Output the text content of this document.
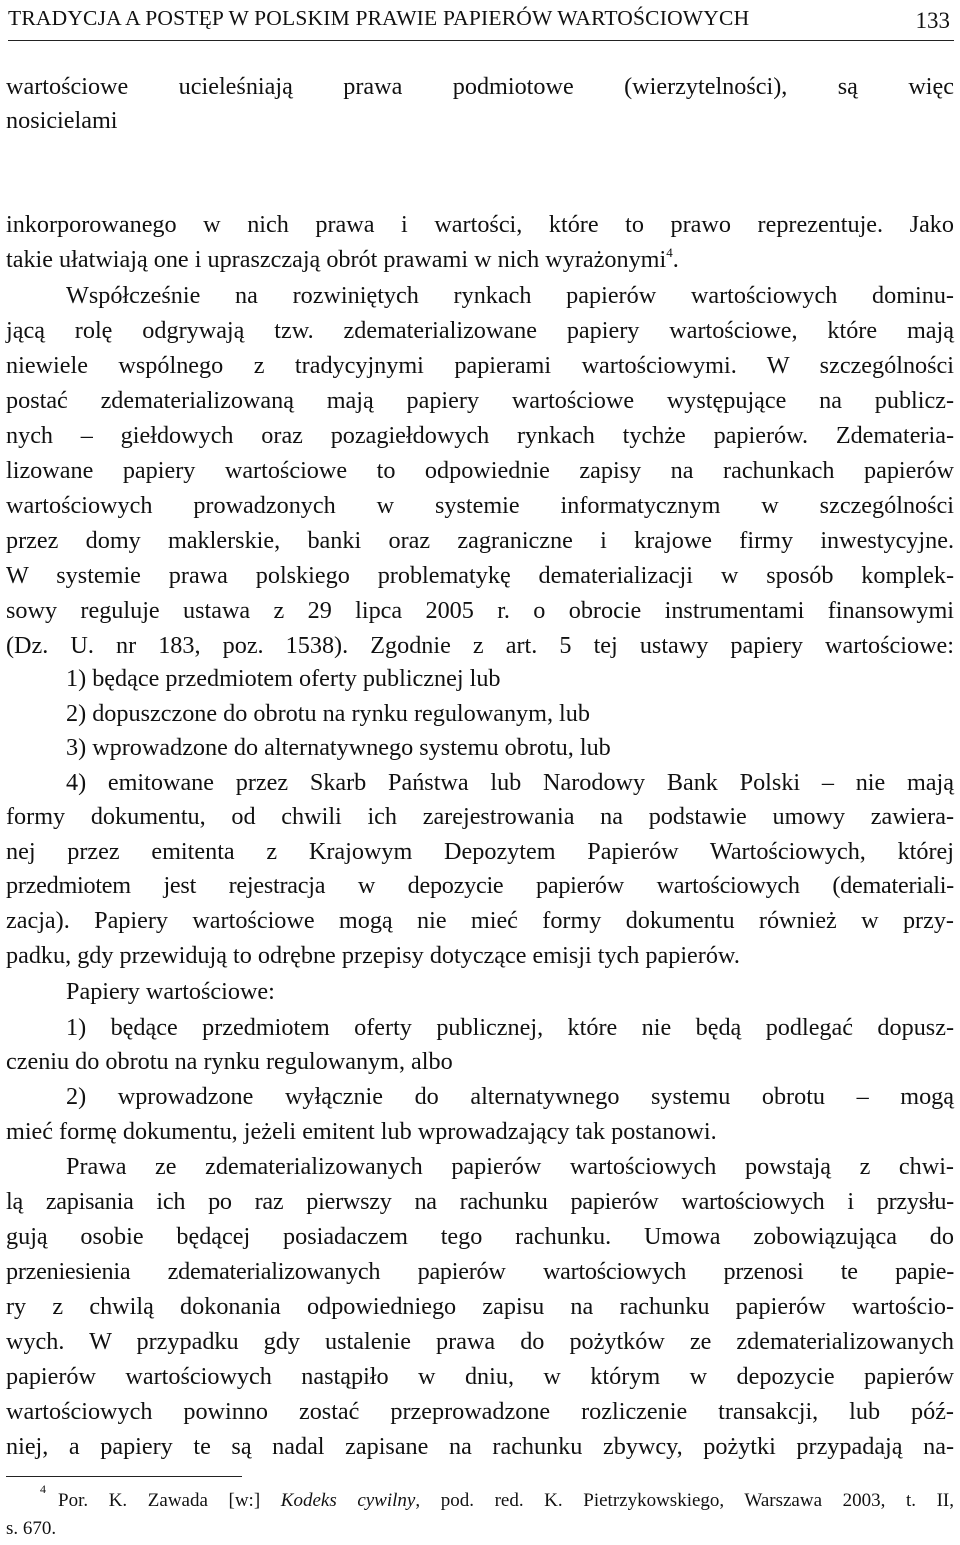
TRADYCJA A POSTĘP W POLSKIM PRAWIE PAPIERÓW WARTOŚCIOWYCH	133
wartościowe ucieleśniają prawa podmiotowe (wierzytelności), są więc
nosicielami
inkorporowanego w nich prawa i wartości, które to prawo reprezentuje. Jako
takie ułatwiają one i upraszczają obrót prawami w nich wyrażonymi$^4$.
Współcześnie na rozwiniętych rynkach papierów wartościowych dominu-
jącą rolę odgrywają tzw. zdematerializowane papiery wartościowe, które mają
niewiele wspólnego z tradycyjnymi papierami wartościowymi. W szczególności
postać zdematerializowaną mają papiery wartościowe występujące na publicz-
nych – giełdowych oraz pozagiełdowych rynkach tychże papierów. Zdemateria-
lizowane papiery wartościowe to odpowiednie zapisy na rachunkach papierów
wartościowych prowadzonych w systemie informatycznym w szczególności
przez domy maklerskie, banki oraz zagraniczne i krajowe firmy inwestycyjne.
W systemie prawa polskiego problematykę dematerializacji w sposób komplek-
sowy reguluje ustawa z 29 lipca 2005 r. o obrocie instrumentami finansowymi
(Dz. U. nr 183, poz. 1538). Zgodnie z art. 5 tej ustawy papiery wartościowe:
1) będące przedmiotem oferty publicznej lub
2) dopuszczone do obrotu na rynku regulowanym, lub
3) wprowadzone do alternatywnego systemu obrotu, lub
4) emitowane przez Skarb Państwa lub Narodowy Bank Polski – nie mają
formy dokumentu, od chwili ich zarejestrowania na podstawie umowy zawiera-
nej przez emitenta z Krajowym Depozytem Papierów Wartościowych, której
przedmiotem jest rejestracja w depozycie papierów wartościowych (demateriali-
zacja). Papiery wartościowe mogą nie mieć formy dokumentu również w przy-
padku, gdy przewidują to odrębne przepisy dotyczące emisji tych papierów.
Papiery wartościowe:
1) będące przedmiotem oferty publicznej, które nie będą podlegać dopusz-
czeniu do obrotu na rynku regulowanym, albo
2) wprowadzone wyłącznie do alternatywnego systemu obrotu – mogą
mieć formę dokumentu, jeżeli emitent lub wprowadzający tak postanowi.
Prawa ze zdematerializowanych papierów wartościowych powstają z chwi-
lą zapisania ich po raz pierwszy na rachunku papierów wartościowych i przysłu-
gują osobie będącej posiadaczem tego rachunku. Umowa zobowiązująca do
przeniesienia zdematerializowanych papierów wartościowych przenosi te papie-
ry z chwilą dokonania odpowiedniego zapisu na rachunku papierów wartościo-
wych. W przypadku gdy ustalenie prawa do pożytków ze zdematerializowanych
papierów wartościowych nastąpiło w dniu, w którym w depozycie papierów
wartościowych powinno zostać przeprowadzone rozliczenie transakcji, lub póź-
niej, a papiery te są nadal zapisane na rachunku zbywcy, pożytki przypadają na-
4
Por. K. Zawada [w:] Kodeks cywilny, pod. red. K. Pietrzykowskiego, Warszawa 2003, t. II,
s. 670.
